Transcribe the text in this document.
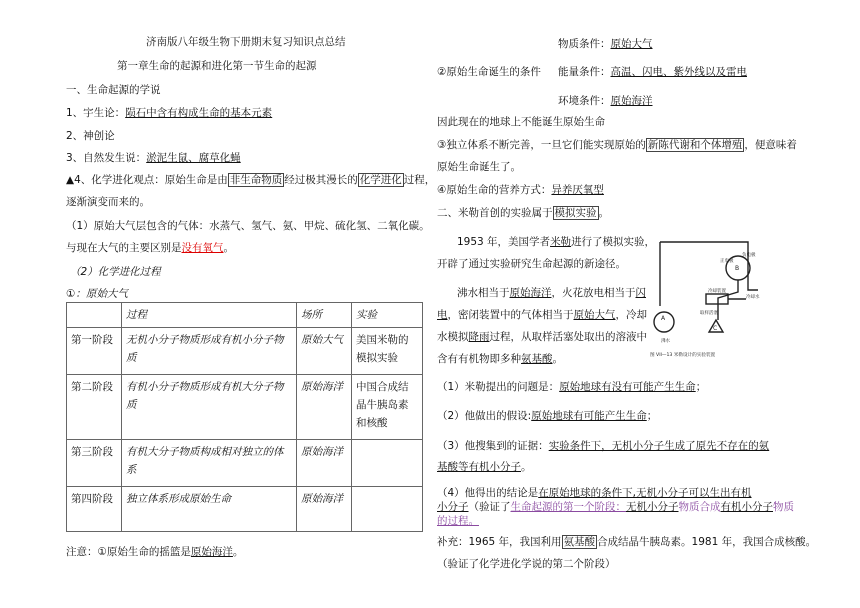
济南版八年级生物下册期末复习知识点总结
第一章生命的起源和进化第一节生命的起源
一、生命起源的学说
1、宇生论：陨石中含有构成生命的基本元素
2、神创论
3、自然发生说：淤泥生鼠、腐草化蝇
▲4、化学进化观点：原始生命是由 非生命物质 经过极其漫长的 化学进化 过程，
逐渐演变而来的。
（1）原始大气层包含的气体：水蒸气、氢气、氨、甲烷、硫化氢、二氧化碳。
与现在大气的主要区别是没有氧气。
（2）化学进化过程
①：原始大气
	过程	场所	实验
第一阶段	无机小分子物质形成有机小分子物质	原始大气	美国米勒的模拟实验
第二阶段	有机小分子物质形成有机大分子物质	原始海洋	中国合成结晶牛胰岛素和核酸
第三阶段	有机大分子物质构成相对独立的体系	原始海洋	
第四阶段	独立体系形成原始生命	原始海洋	
注意：①原始生命的摇篮是原始海洋。
物质条件：原始大气
②原始生命诞生的条件 能量条件：高温、闪电、紫外线以及雷电
环境条件：原始海洋
因此现在的地球上不能诞生原始生命
③独立体系不断完善，一旦它们能实现原始的 新陈代谢和个体增殖 ，便意味着
原始生命诞生了。
④原始生命的营养方式：异养厌氧型
二、米勒首创的实验属于 模拟实验 。
1953 年，美国学者米勒进行了模拟实验，
开辟了通过实验研究生命起源的新途径。
沸水相当于原始海洋，火花放电相当于闪
电，密闭装置中的气体相当于原始大气，冷却
水模拟降雨过程，从取样活塞处取出的溶液中
含有有机物即多种氨基酸。
正电极
负电极
B
冷却装置
冷却水
取样活塞
A
沸水
C
图 VII—13 米勒设计的实验装置
（1）米勒提出的问题是：原始地球有没有可能产生生命；
（2）他做出的假设:原始地球有可能产生生命；
（3）他搜集到的证据：实验条件下，无机小分子生成了原先不存在的氨
基酸等有机小分子。
（4）他得出的结论是在原始地球的条件下,无机小分子可以生出有机
小分子（验证了生命起源的第一个阶段：无机小分子物质合成有机小分子物质
的过程。
补充：1965 年，我国利用 氨基酸 合成结晶牛胰岛素。1981 年，我国合成核酸。
（验证了化学进化学说的第二个阶段）
